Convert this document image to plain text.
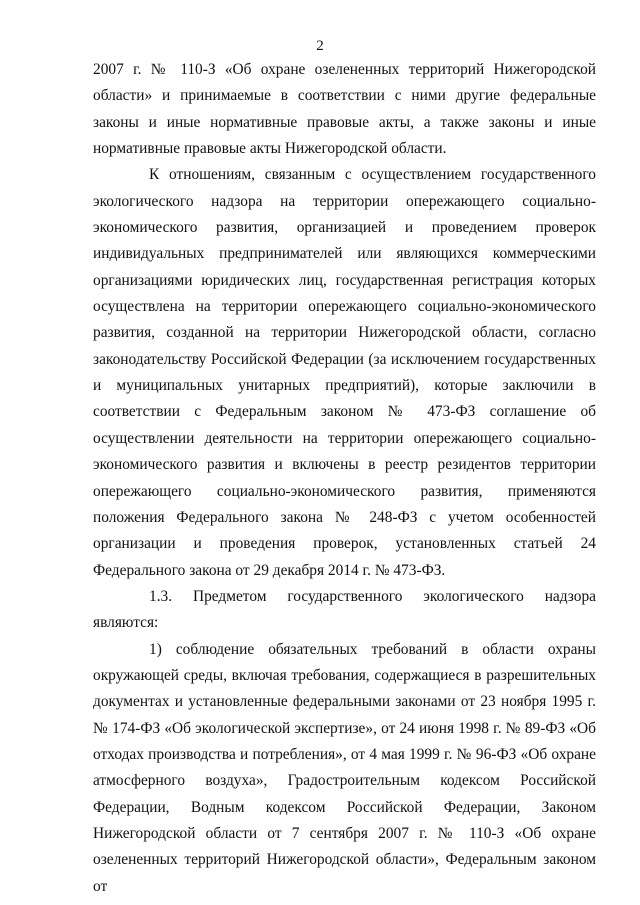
2

2007 г. № 110-З «Об охране озелененных территорий Нижегородской области» и принимаемые в соответствии с ними другие федеральные законы и иные нормативные правовые акты, а также законы и иные нормативные правовые акты Нижегородской области.

К отношениям, связанным с осуществлением государственного экологического надзора на территории опережающего социально-экономического развития, организацией и проведением проверок индивидуальных предпринимателей или являющихся коммерческими организациями юридических лиц, государственная регистрация которых осуществлена на территории опережающего социально-экономического развития, созданной на территории Нижегородской области, согласно законодательству Российской Федерации (за исключением государственных и муниципальных унитарных предприятий), которые заключили в соответствии с Федеральным законом № 473-ФЗ соглашение об осуществлении деятельности на территории опережающего социально-экономического развития и включены в реестр резидентов территории опережающего социально-экономического развития, применяются положения Федерального закона № 248-ФЗ с учетом особенностей организации и проведения проверок, установленных статьей 24 Федерального закона от 29 декабря 2014 г. № 473-ФЗ.

1.3. Предметом государственного экологического надзора являются:

1) соблюдение обязательных требований в области охраны окружающей среды, включая требования, содержащиеся в разрешительных документах и установленные федеральными законами от 23 ноября 1995 г. № 174-ФЗ «Об экологической экспертизе», от 24 июня 1998 г. № 89-ФЗ «Об отходах производства и потребления», от 4 мая 1999 г. № 96-ФЗ «Об охране атмосферного воздуха», Градостроительным кодексом Российской Федерации, Водным кодексом Российской Федерации, Законом Нижегородской области от 7 сентября 2007 г. № 110-З «Об охране озелененных территорий Нижегородской области», Федеральным законом от
